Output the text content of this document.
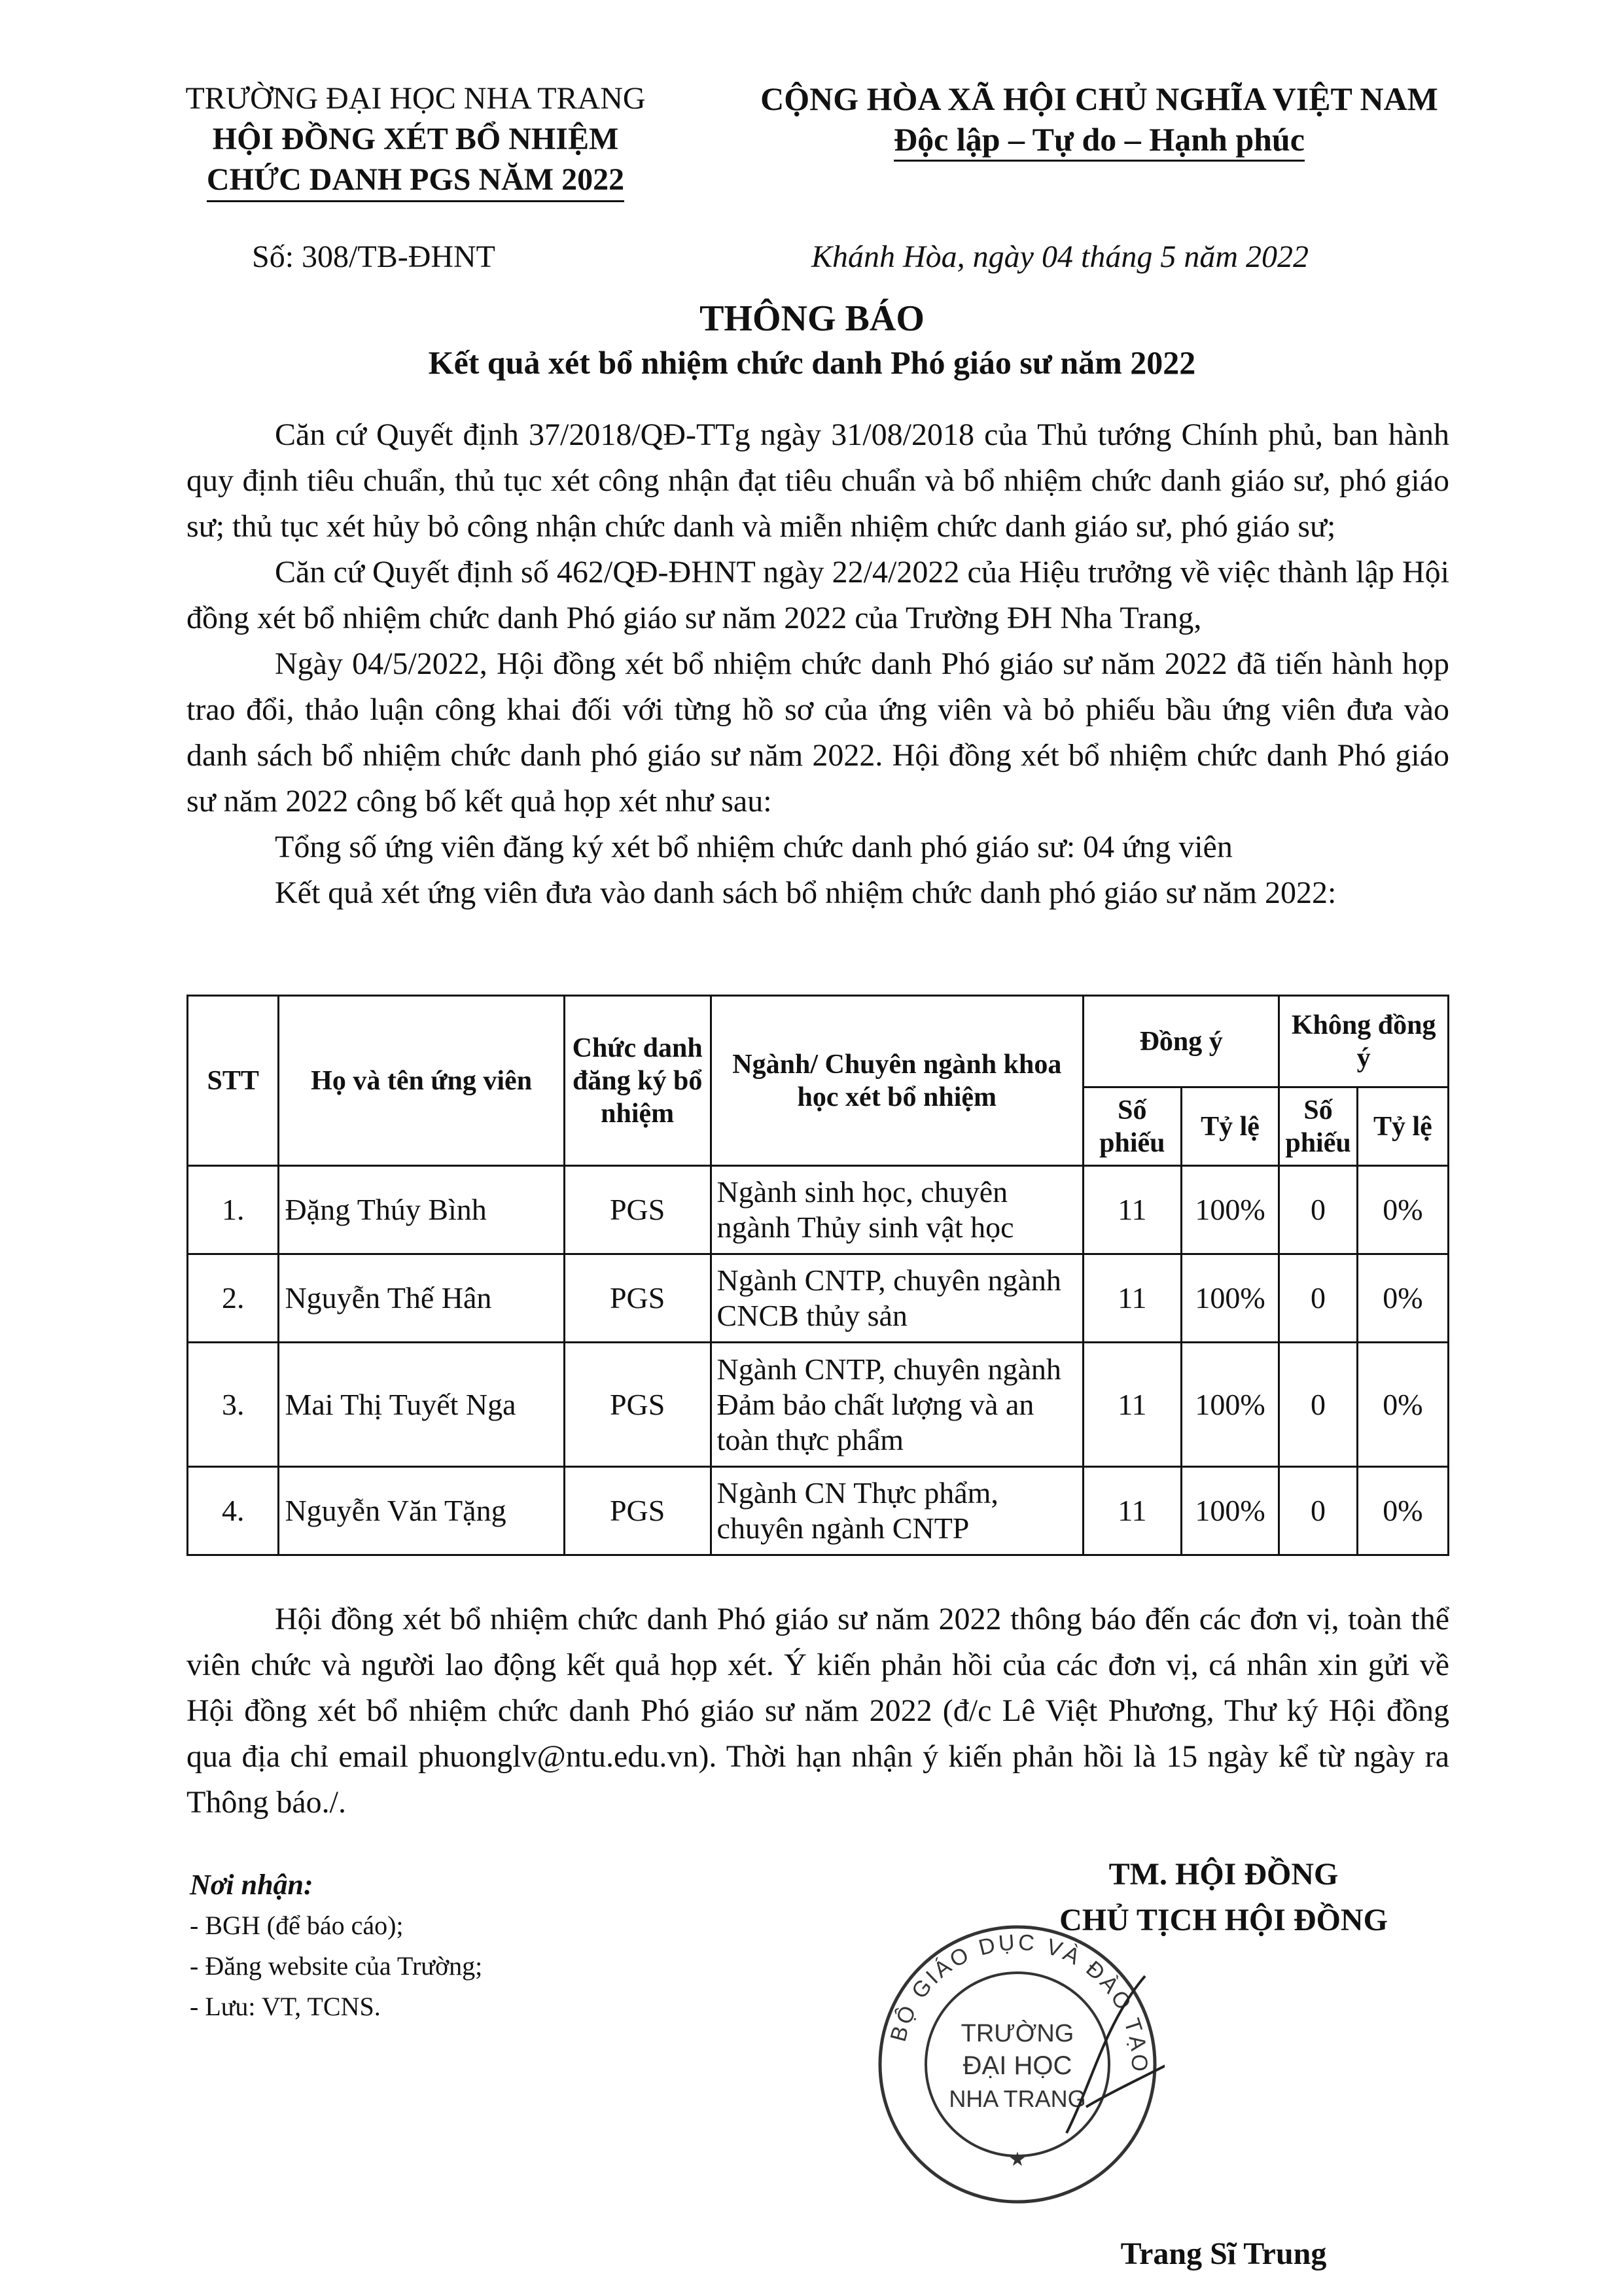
TRƯỜNG ĐẠI HỌC NHA TRANG
HỘI ĐỒNG XÉT BỔ NHIỆM
CHỨC DANH PGS NĂM 2022
CỘNG HÒA XÃ HỘI CHỦ NGHĨA VIỆT NAM
Độc lập – Tự do – Hạnh phúc
Số: 308/TB-ĐHNT	Khánh Hòa, ngày 04 tháng 5 năm 2022
THÔNG BÁO
Kết quả xét bổ nhiệm chức danh Phó giáo sư năm 2022

Căn cứ Quyết định 37/2018/QĐ-TTg ngày 31/08/2018 của Thủ tướng Chính phủ, ban hành quy định tiêu chuẩn, thủ tục xét công nhận đạt tiêu chuẩn và bổ nhiệm chức danh giáo sư, phó giáo sư; thủ tục xét hủy bỏ công nhận chức danh và miễn nhiệm chức danh giáo sư, phó giáo sư;

Căn cứ Quyết định số 462/QĐ-ĐHNT ngày 22/4/2022 của Hiệu trưởng về việc thành lập Hội đồng xét bổ nhiệm chức danh Phó giáo sư năm 2022 của Trường ĐH Nha Trang,

Ngày 04/5/2022, Hội đồng xét bổ nhiệm chức danh Phó giáo sư năm 2022 đã tiến hành họp trao đổi, thảo luận công khai đối với từng hồ sơ của ứng viên và bỏ phiếu bầu ứng viên đưa vào danh sách bổ nhiệm chức danh phó giáo sư năm 2022. Hội đồng xét bổ nhiệm chức danh Phó giáo sư năm 2022 công bố kết quả họp xét như sau:

Tổng số ứng viên đăng ký xét bổ nhiệm chức danh phó giáo sư: 04 ứng viên

Kết quả xét ứng viên đưa vào danh sách bổ nhiệm chức danh phó giáo sư năm 2022:

STT	Họ và tên ứng viên	Chức danh đăng ký bổ nhiệm	Ngành/ Chuyên ngành khoa học xét bổ nhiệm	Đồng ý		Không đồng ý	
				Số phiếu	Tỷ lệ	Số phiếu	Tỷ lệ
1.	Đặng Thúy Bình	PGS	Ngành sinh học, chuyên ngành Thủy sinh vật học	11	100%	0	0%
2.	Nguyễn Thế Hân	PGS	Ngành CNTP, chuyên ngành CNCB thủy sản	11	100%	0	0%
3.	Mai Thị Tuyết Nga	PGS	Ngành CNTP, chuyên ngành Đảm bảo chất lượng và an toàn thực phẩm	11	100%	0	0%
4.	Nguyễn Văn Tặng	PGS	Ngành CN Thực phẩm, chuyên ngành CNTP	11	100%	0	0%

Hội đồng xét bổ nhiệm chức danh Phó giáo sư năm 2022 thông báo đến các đơn vị, toàn thể viên chức và người lao động kết quả họp xét. Ý kiến phản hồi của các đơn vị, cá nhân xin gửi về Hội đồng xét bổ nhiệm chức danh Phó giáo sư năm 2022 (đ/c Lê Việt Phương, Thư ký Hội đồng qua địa chỉ email phuonglv@ntu.edu.vn). Thời hạn nhận ý kiến phản hồi là 15 ngày kể từ ngày ra Thông báo./.

Nơi nhận:
- BGH (để báo cáo);
- Đăng website của Trường;
- Lưu: VT, TCNS.
TM. HỘI ĐỒNG
CHỦ TỊCH HỘI ĐỒNG
Trang Sĩ Trung
BỘ GIÁO DỤC VÀ ĐÀO TẠO
TRƯỜNG
ĐẠI HỌC
NHA TRANG
★
